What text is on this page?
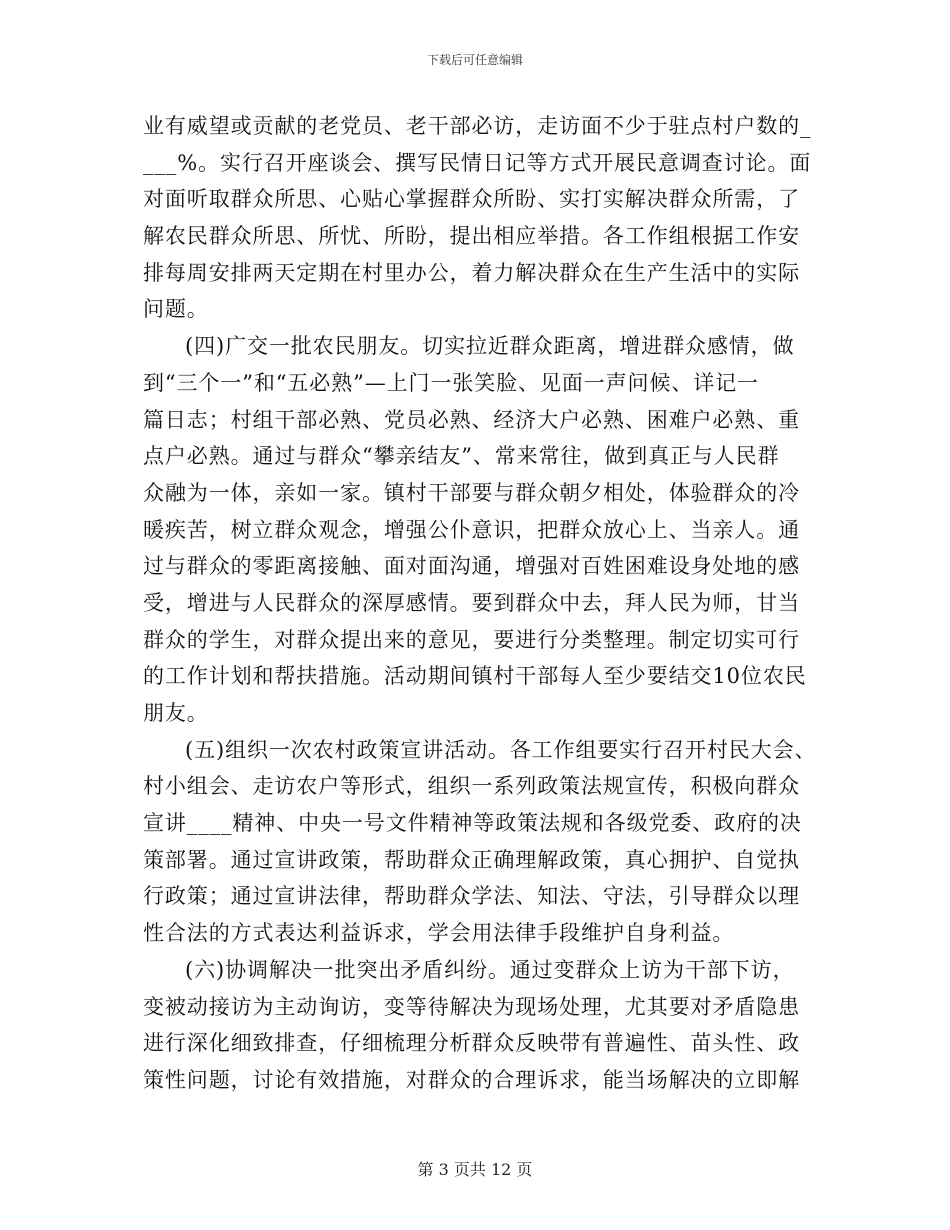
下载后可任意编辑
业有威望或贡献的老党员、老干部必访，走访面不少于驻点村户数的_
___%。实行召开座谈会、撰写民情日记等方式开展民意调查讨论。面
对面听取群众所思、心贴心掌握群众所盼、实打实解决群众所需，了
解农民群众所思、所忧、所盼，提出相应举措。各工作组根据工作安
排每周安排两天定期在村里办公，着力解决群众在生产生活中的实际
问题。
(四)广交一批农民朋友。切实拉近群众距离，增进群众感情，做
到“三个一”和“五必熟”—上门一张笑脸、见面一声问候、详记一
篇日志；村组干部必熟、党员必熟、经济大户必熟、困难户必熟、重
点户必熟。通过与群众“攀亲结友”、常来常往，做到真正与人民群
众融为一体，亲如一家。镇村干部要与群众朝夕相处，体验群众的冷
暖疾苦，树立群众观念，增强公仆意识，把群众放心上、当亲人。通
过与群众的零距离接触、面对面沟通，增强对百姓困难设身处地的感
受，增进与人民群众的深厚感情。要到群众中去，拜人民为师，甘当
群众的学生，对群众提出来的意见，要进行分类整理。制定切实可行
的工作计划和帮扶措施。活动期间镇村干部每人至少要结交10位农民
朋友。
(五)组织一次农村政策宣讲活动。各工作组要实行召开村民大会、
村小组会、走访农户等形式，组织一系列政策法规宣传，积极向群众
宣讲____精神、中央一号文件精神等政策法规和各级党委、政府的决
策部署。通过宣讲政策，帮助群众正确理解政策，真心拥护、自觉执
行政策；通过宣讲法律，帮助群众学法、知法、守法，引导群众以理
性合法的方式表达利益诉求，学会用法律手段维护自身利益。
(六)协调解决一批突出矛盾纠纷。通过变群众上访为干部下访，
变被动接访为主动询访，变等待解决为现场处理，尤其要对矛盾隐患
进行深化细致排查，仔细梳理分析群众反映带有普遍性、苗头性、政
策性问题，讨论有效措施，对群众的合理诉求，能当场解决的立即解
第 3 页共 12 页
